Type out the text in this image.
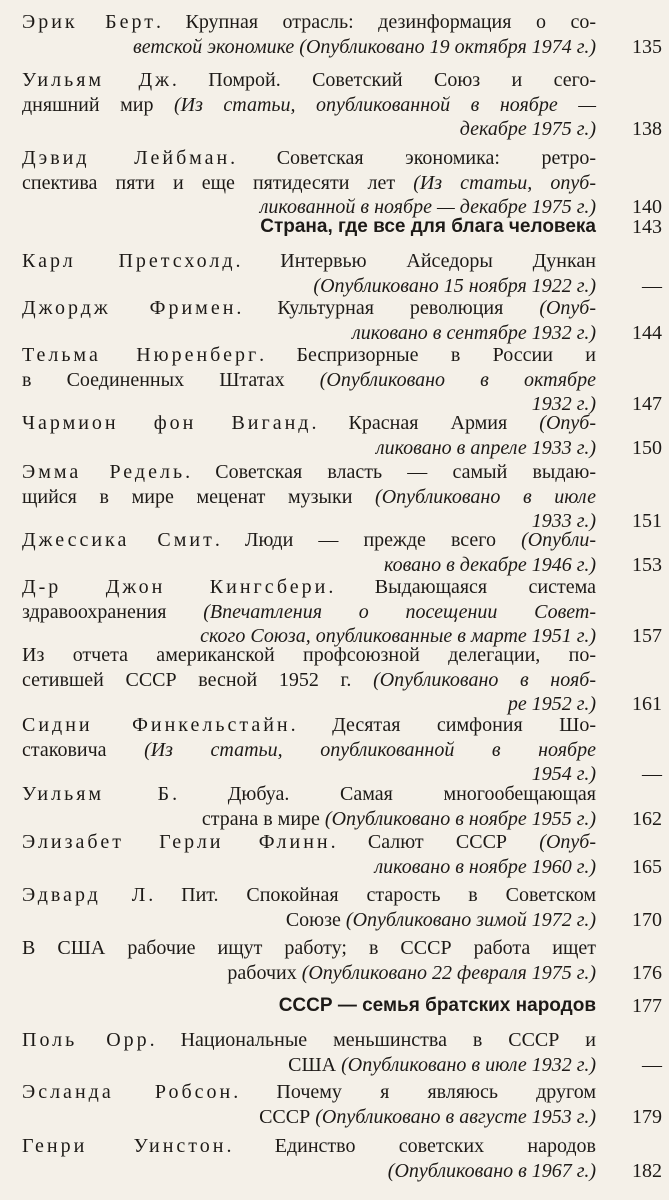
Эрик Берт. Крупная отрасль: дезинформация о со-
ветской экономике (Опубликовано 19 октября 1974 г.)	135
Уильям Дж. Помрой. Советский Союз и сего-
дняшний мир (Из статьи, опубликованной в ноябре —
декабре 1975 г.)	138
Дэвид Лейбман. Советская экономика: ретро-
спектива пяти и еще пятидесяти лет (Из статьи, опуб-
ликованной в ноябре — декабре 1975 г.)	140
Страна, где все для блага человека	143
Карл Претсхолд. Интервью Айседоры Дункан
(Опубликовано 15 ноября 1922 г.)	—
Джордж Фримен. Культурная революция (Опуб-
ликовано в сентябре 1932 г.)	144
Тельма Нюренберг. Беспризорные в России и
в Соединенных Штатах (Опубликовано в октябре
1932 г.)	147
Чармион фон Виганд. Красная Армия (Опуб-
ликовано в апреле 1933 г.)	150
Эмма Редель. Советская власть — самый выдаю-
щийся в мире меценат музыки (Опубликовано в июле
1933 г.)	151
Джессика Смит. Люди — прежде всего (Опубли-
ковано в декабре 1946 г.)	153
Д-р Джон Кингсбери. Выдающаяся система
здравоохранения (Впечатления о посещении Совет-
ского Союза, опубликованные в марте 1951 г.)	157
Из отчета американской профсоюзной делегации, по-
сетившей СССР весной 1952 г. (Опубликовано в нояб-
ре 1952 г.)	161
Сидни Финкельстайн. Десятая симфония Шо-
стаковича (Из статьи, опубликованной в ноябре
1954 г.)	—
Уильям Б. Дюбуа. Самая многообещающая
страна в мире (Опубликовано в ноябре 1955 г.)	162
Элизабет Герли Флинн. Салют СССР (Опуб-
ликовано в ноябре 1960 г.)	165
Эдвард Л. Пит. Спокойная старость в Советском
Союзе (Опубликовано зимой 1972 г.)	170
В США рабочие ищут работу; в СССР работа ищет
рабочих (Опубликовано 22 февраля 1975 г.)	176
СССР — семья братских народов	177
Поль Орр. Национальные меньшинства в СССР и
США (Опубликовано в июле 1932 г.)	—
Эсланда Робсон. Почему я являюсь другом
СССР (Опубликовано в августе 1953 г.)	179
Генри Уинстон. Единство советских народов
(Опубликовано в 1967 г.)	182
